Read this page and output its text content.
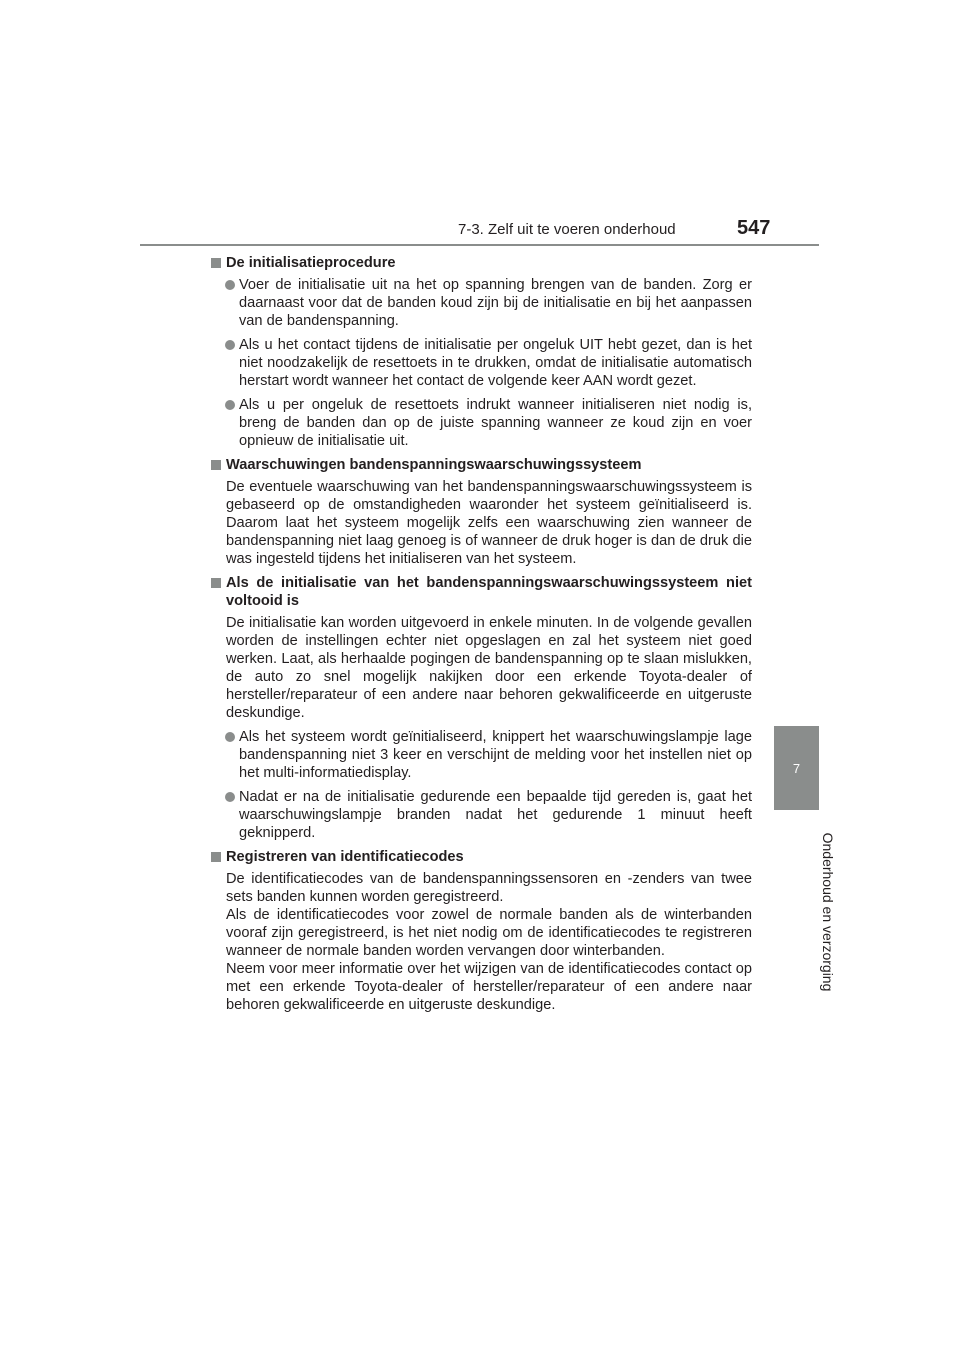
7-3. Zelf uit te voeren onderhoud	547
7
Onderhoud en verzorging
De initialisatieprocedure
Voer de initialisatie uit na het op spanning brengen van de banden. Zorg er daarnaast voor dat de banden koud zijn bij de initialisatie en bij het aanpassen van de bandenspanning.
Als u het contact tijdens de initialisatie per ongeluk UIT hebt gezet, dan is het niet noodzakelijk de resettoets in te drukken, omdat de initialisatie automatisch herstart wordt wanneer het contact de volgende keer AAN wordt gezet.
Als u per ongeluk de resettoets indrukt wanneer initialiseren niet nodig is, breng de banden dan op de juiste spanning wanneer ze koud zijn en voer opnieuw de initialisatie uit.
Waarschuwingen bandenspanningswaarschuwingssysteem
De eventuele waarschuwing van het bandenspanningswaarschuwingssysteem is gebaseerd op de omstandigheden waaronder het systeem geïnitialiseerd is. Daarom laat het systeem mogelijk zelfs een waarschuwing zien wanneer de bandenspanning niet laag genoeg is of wanneer de druk hoger is dan de druk die was ingesteld tijdens het initialiseren van het systeem.
Als de initialisatie van het bandenspanningswaarschuwingssysteem niet voltooid is
De initialisatie kan worden uitgevoerd in enkele minuten. In de volgende gevallen worden de instellingen echter niet opgeslagen en zal het systeem niet goed werken. Laat, als herhaalde pogingen de bandenspanning op te slaan mislukken, de auto zo snel mogelijk nakijken door een erkende Toyota-dealer of hersteller/reparateur of een andere naar behoren gekwalificeerde en uitgeruste deskundige.
Als het systeem wordt geïnitialiseerd, knippert het waarschuwingslampje lage bandenspanning niet 3 keer en verschijnt de melding voor het instellen niet op het multi-informatiedisplay.
Nadat er na de initialisatie gedurende een bepaalde tijd gereden is, gaat het waarschuwingslampje branden nadat het gedurende 1 minuut heeft geknipperd.
Registreren van identificatiecodes
De identificatiecodes van de bandenspanningssensoren en -zenders van twee sets banden kunnen worden geregistreerd.
Als de identificatiecodes voor zowel de normale banden als de winterbanden vooraf zijn geregistreerd, is het niet nodig om de identificatiecodes te registreren wanneer de normale banden worden vervangen door winterbanden.
Neem voor meer informatie over het wijzigen van de identificatiecodes contact op met een erkende Toyota-dealer of hersteller/reparateur of een andere naar behoren gekwalificeerde en uitgeruste deskundige.
